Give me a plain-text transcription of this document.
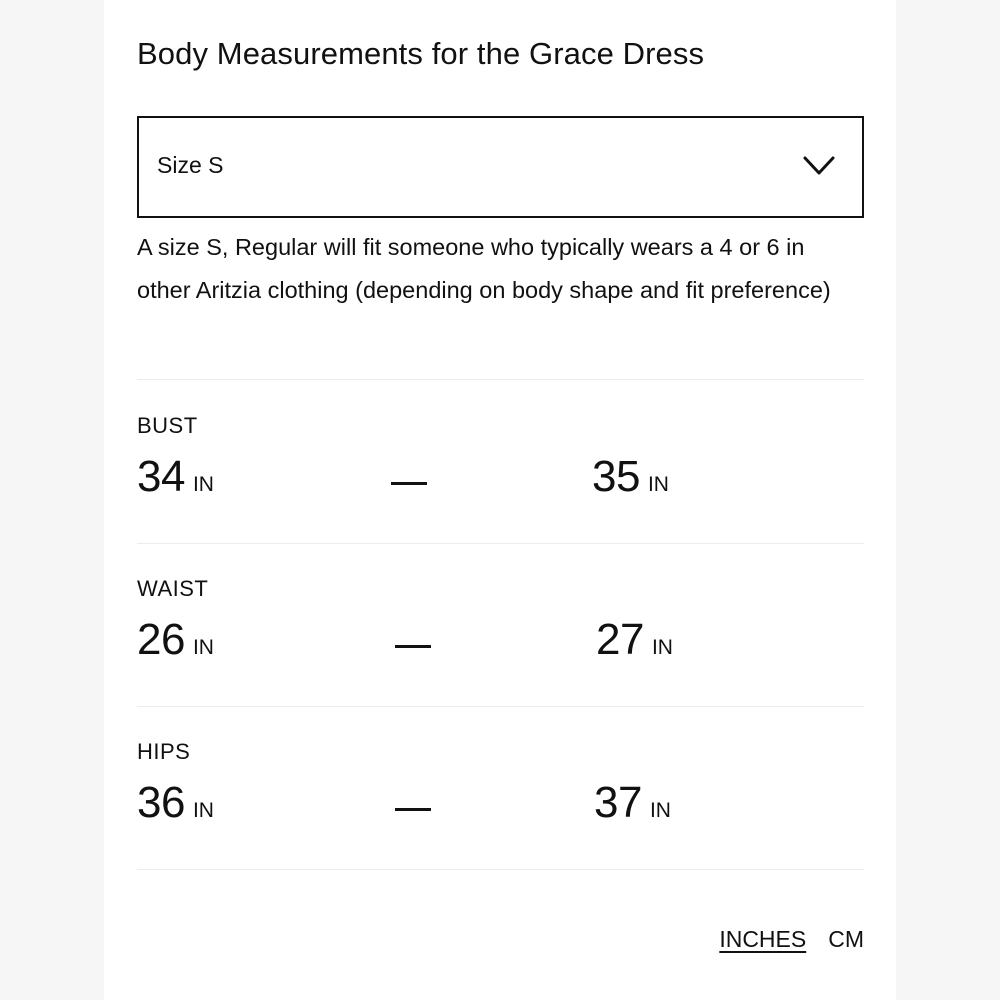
Body Measurements for the Grace Dress
Size S
A size S, Regular will fit someone who typically wears a 4 or 6 in other Aritzia clothing (depending on body shape and fit preference)
BUST
34 IN	35 IN
WAIST
26 IN	27 IN
HIPS
36 IN	37 IN
INCHES CM
